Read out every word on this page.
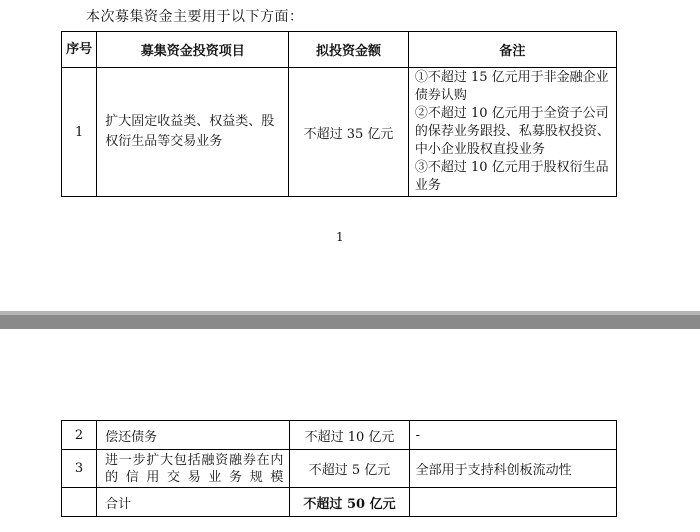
本次募集资金主要用于以下方面：
序号	募集资金投资项目	拟投资金额	备注
1	扩大固定收益类、权益类、股权衍生品等交易业务	不超过 35 亿元	①不超过 15 亿元用于非金融企业债券认购
②不超过 10 亿元用于全资子公司的保荐业务跟投、私募股权投资、中小企业股权直投业务
③不超过 10 亿元用于股权衍生品业务
1
2	偿还债务	不超过 10 亿元	-
3	进一步扩大包括融资融券在内的信用交易业务规模	不超过 5 亿元	全部用于支持科创板流动性
	合计	不超过 50 亿元	
